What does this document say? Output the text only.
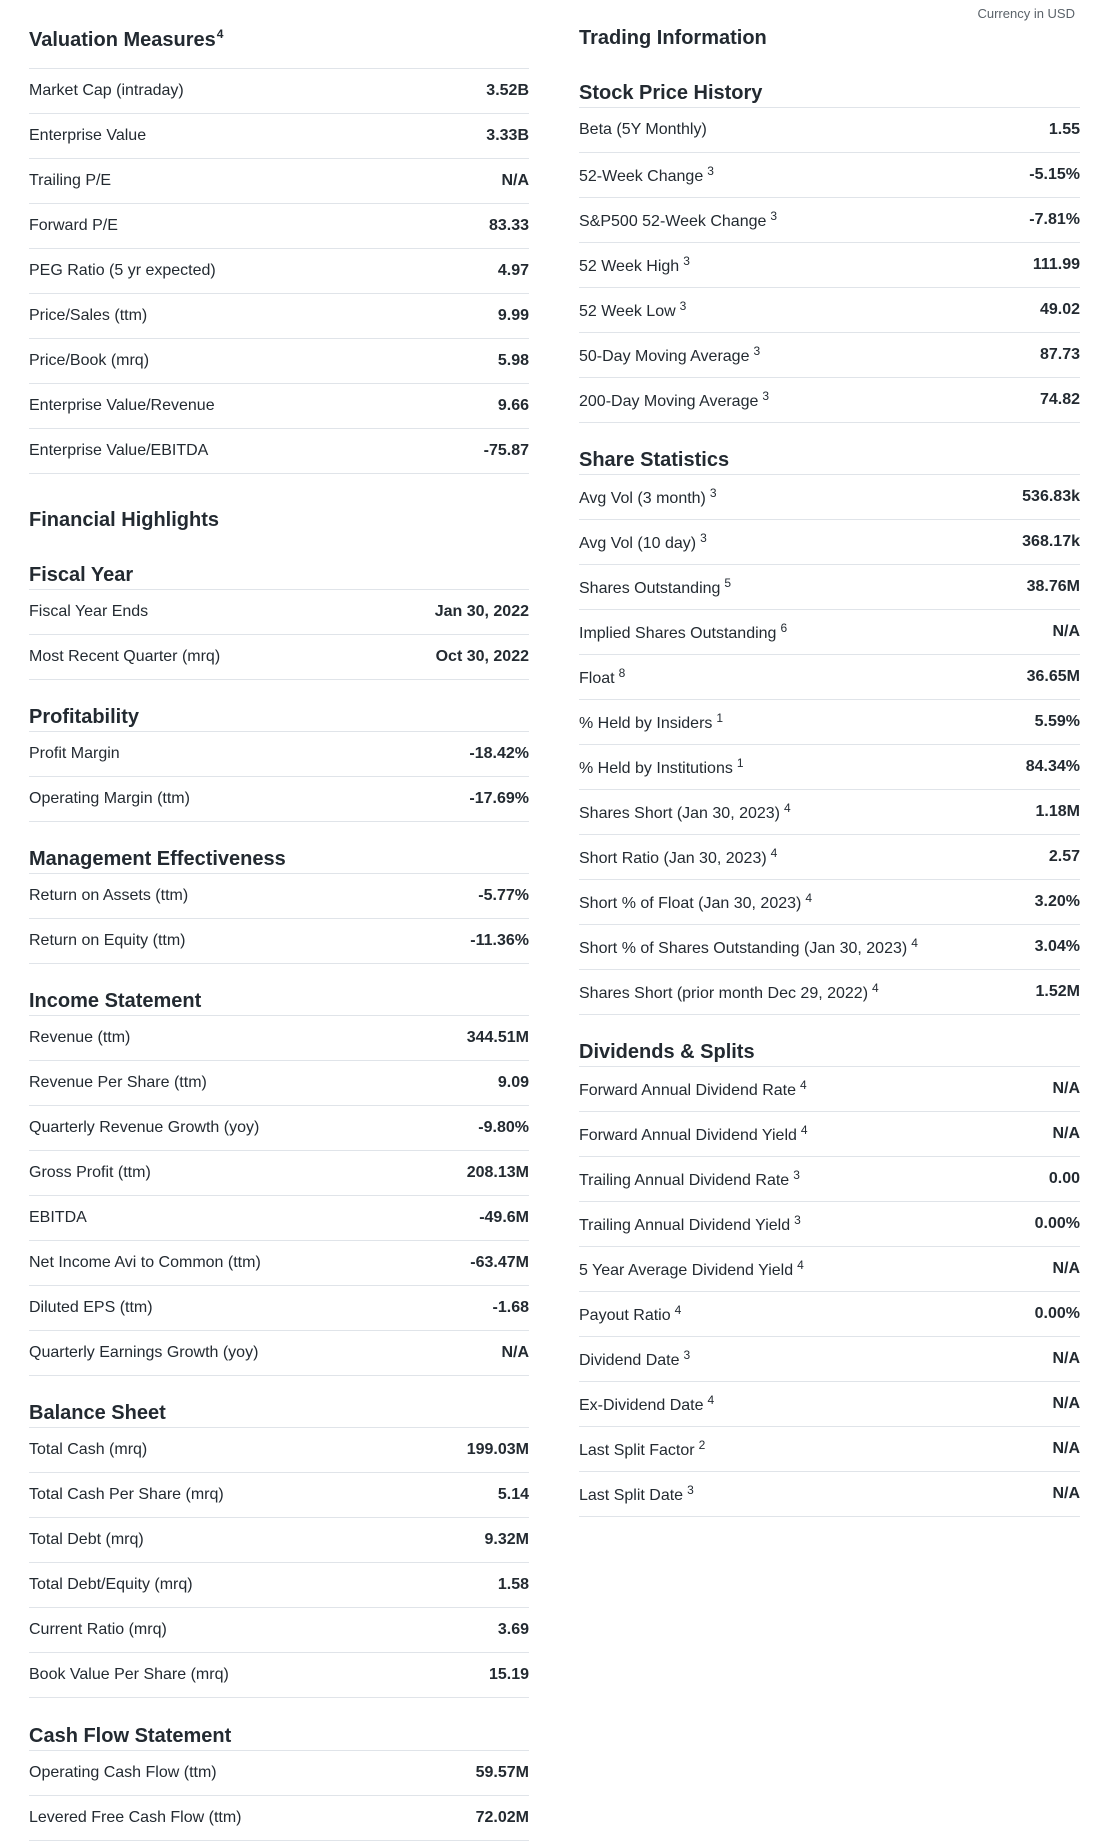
Currency in USD
Valuation Measures$^4$
Market Cap (intraday)	3.52B
Enterprise Value	3.33B
Trailing P/E	N/A
Forward P/E	83.33
PEG Ratio (5 yr expected)	4.97
Price/Sales (ttm)	9.99
Price/Book (mrq)	5.98
Enterprise Value/Revenue	9.66
Enterprise Value/EBITDA	-75.87
Financial Highlights
Fiscal Year
Fiscal Year Ends	Jan 30, 2022
Most Recent Quarter (mrq)	Oct 30, 2022
Profitability
Profit Margin	-18.42%
Operating Margin (ttm)	-17.69%
Management Effectiveness
Return on Assets (ttm)	-5.77%
Return on Equity (ttm)	-11.36%
Income Statement
Revenue (ttm)	344.51M
Revenue Per Share (ttm)	9.09
Quarterly Revenue Growth (yoy)	-9.80%
Gross Profit (ttm)	208.13M
EBITDA	-49.6M
Net Income Avi to Common (ttm)	-63.47M
Diluted EPS (ttm)	-1.68
Quarterly Earnings Growth (yoy)	N/A
Balance Sheet
Total Cash (mrq)	199.03M
Total Cash Per Share (mrq)	5.14
Total Debt (mrq)	9.32M
Total Debt/Equity (mrq)	1.58
Current Ratio (mrq)	3.69
Book Value Per Share (mrq)	15.19
Cash Flow Statement
Operating Cash Flow (ttm)	59.57M
Levered Free Cash Flow (ttm)	72.02M
Trading Information
Stock Price History
Beta (5Y Monthly)	1.55
52-Week Change $^3$	-5.15%
S&P500 52-Week Change $^3$	-7.81%
52 Week High $^3$	111.99
52 Week Low $^3$	49.02
50-Day Moving Average $^3$	87.73
200-Day Moving Average $^3$	74.82
Share Statistics
Avg Vol (3 month) $^3$	536.83k
Avg Vol (10 day) $^3$	368.17k
Shares Outstanding $^5$	38.76M
Implied Shares Outstanding $^6$	N/A
Float $^8$	36.65M
% Held by Insiders $^1$	5.59%
% Held by Institutions $^1$	84.34%
Shares Short (Jan 30, 2023) $^4$	1.18M
Short Ratio (Jan 30, 2023) $^4$	2.57
Short % of Float (Jan 30, 2023) $^4$	3.20%
Short % of Shares Outstanding (Jan 30, 2023) $^4$	3.04%
Shares Short (prior month Dec 29, 2022) $^4$	1.52M
Dividends & Splits
Forward Annual Dividend Rate $^4$	N/A
Forward Annual Dividend Yield $^4$	N/A
Trailing Annual Dividend Rate $^3$	0.00
Trailing Annual Dividend Yield $^3$	0.00%
5 Year Average Dividend Yield $^4$	N/A
Payout Ratio $^4$	0.00%
Dividend Date $^3$	N/A
Ex-Dividend Date $^4$	N/A
Last Split Factor $^2$	N/A
Last Split Date $^3$	N/A
